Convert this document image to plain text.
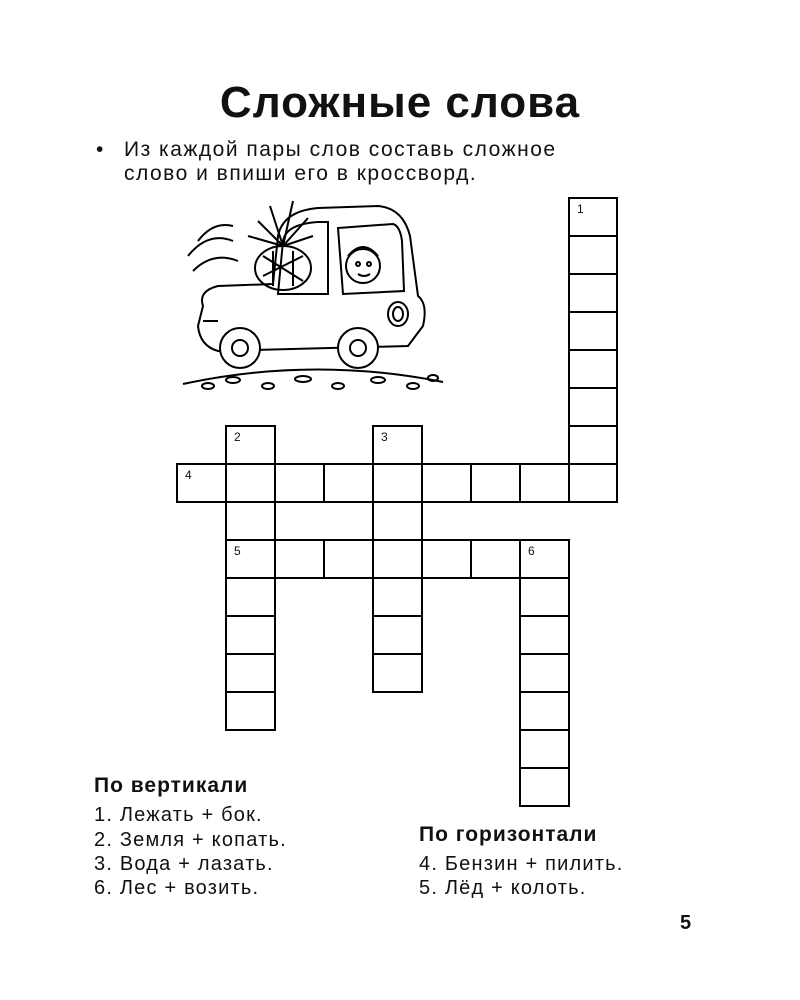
Сложные слова
• Из каждой пары слов составь сложное
слово и впиши его в кроссворд.
1
4
2
5
3
6
По вертикали
1. Лежать + бок.
2. Земля + копать.
3. Вода + лазать.
6. Лес + возить.
По горизонтали
4. Бензин + пилить.
5. Лёд + колоть.
5
